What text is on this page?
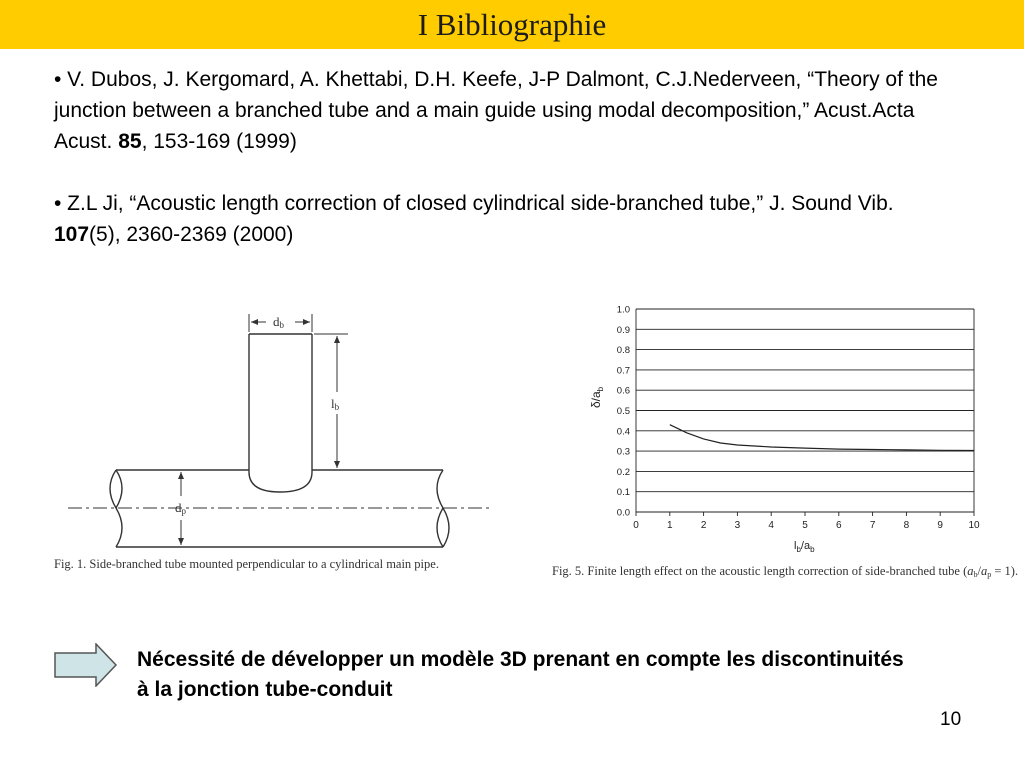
I Bibliographie

• V. Dubos, J. Kergomard, A. Khettabi, D.H. Keefe, J-P Dalmont, C.J.Nederveen, “Theory of the junction between a branched tube and a main guide using modal decomposition,” Acust.Acta Acust. 85, 153-169 (1999)

• Z.L Ji, “Acoustic length correction of closed cylindrical side-branched tube,” J. Sound Vib. 107(5), 2360-2369 (2000)

db
lb
dp
Fig. 1. Side-branched tube mounted perpendicular to a cylindrical main pipe.
0.0
0.1
0.2
0.3
0.4
0.5
0.6
0.7
0.8
0.9
1.0
0	1	2	3	4	5	6	7	8	9	10
$\delta/a_b$
$l_b/a_b$
Fig. 5. Finite length effect on the acoustic length correction of side-branched tube (ab/ap = 1).
Nécessité de développer un modèle 3D prenant en compte les discontinuités à la jonction tube-conduit
10
